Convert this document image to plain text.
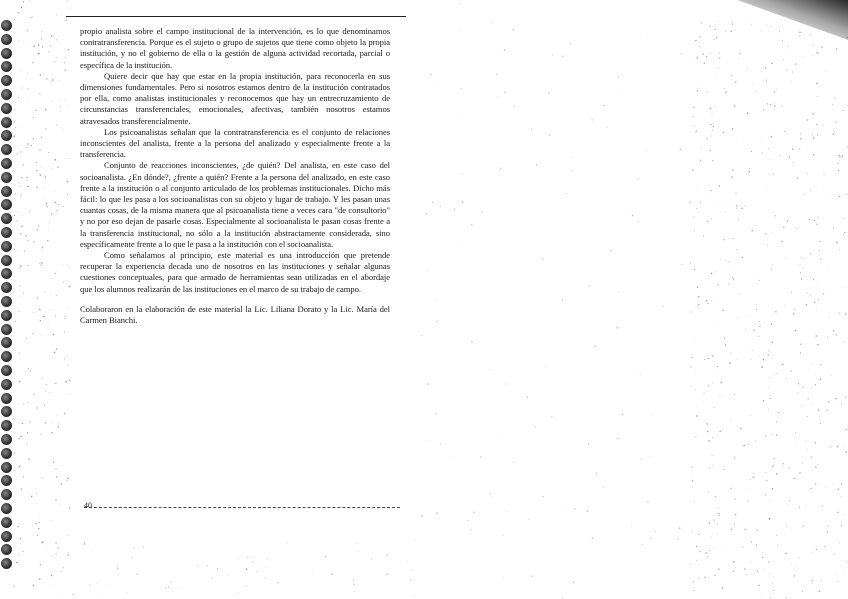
propio analista sobre el campo institucional de la intervención, es lo que denominamos contratransferencia. Porque es el sujeto o grupo de sujetos que tiene como objeto la propia institución, y no el gobierno de ella o la gestión de alguna actividad recortada, parcial o específica de la institución.

Quiere decir que hay que estar en la propia institución, para reconocerla en sus dimensiones fundamentales. Pero si nosotros estamos dentro de la institución contratados por ella, como analistas institucionales y reconocemos que hay un entrecruzamiento de circunstancias transferenciales, emocionales, afectivas, también nosotros estamos atravesados transferencialmente.

Los psicoanalistas señalan que la contratransferencia es el conjunto de relaciones inconscientes del analista, frente a la persona del analizado y especialmente frente a la transferencia.

Conjunto de reacciones inconscientes, ¿de quién? Del analista, en este caso del socioanalista. ¿En dónde?, ¿frente a quién? Frente a la persona del analizado, en este caso frente a la institución o al conjunto articulado de los problemas institucionales. Dicho más fácil: lo que les pasa a los socioanalistas con su objeto y lugar de trabajo. Y les pasan unas cuantas cosas, de la misma manera que al psicoanalista tiene a veces cara "de consultorio" y no por eso dejan de pasarle cosas. Especialmente al socioanalista le pasan cosas frente a la transferencia institucional, no sólo a la institución abstractamente considerada, sino específicamente frente a lo que le pasa a la institución con el socioanalista.

Como señalamos al principio, este material es una introducción que pretende recuperar la experiencia decada uno de nosotros en las instituciones y señalar algunas cuestiones conceptuales, para que armado de herramientas sean utilizadas en el abordaje que los alumnos realizarán de las instituciones en el marco de su trabajo de campo.

Colaboraron en la elaboración de este material la Lic. Liliana Dorato y la Lic. María del Carmen Bianchi.

40
